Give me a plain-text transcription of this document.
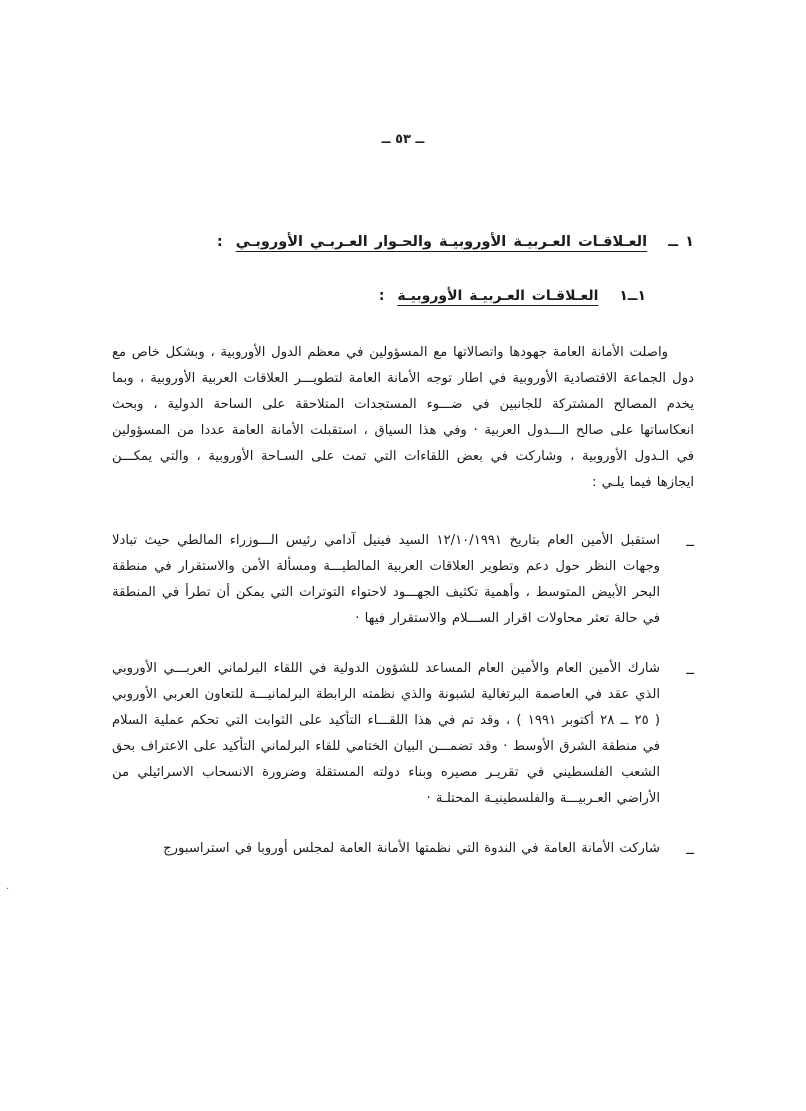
ــ ٥٣ ــ
١ ــ العـلاقـات العـربيـة الأوروبيـة والحـوار العـربـي الأوروبـي :
١ــ١ العـلاقـات العـربيـة الأوروبيـة :

واصلت الأمانة العامة جهودها واتصالاتها مع المسؤولين في معظم الدول الأوروبية ، وبشكل خاص مع دول الجماعة الاقتصادية الأوروبية في اطار توجه الأمانة العامة لتطويـــر العلاقات العربية الأوروبية ، وبما يخدم المصالح المشتركة للجانبين في ضـــوء المستجدات المتلاحقة على الساحة الدولية ، وبحث انعكاساتها على صالح الـــدول العربية · وفي هذا السياق ، استقبلت الأمانة العامة عددا من المسؤولين في الـدول الأوروبية ، وشاركت في بعض اللقاءات التي تمت على السـاحة الأوروبية ، والتي يمكـــن ايجازها فيما يلـي :

ــ

استقبل الأمين العام بتاريخ ١٢/١٠/١٩٩١ السيد فينيل آدامي رئيس الـــوزراء المالطي حيث تبادلا وجهات النظر حول دعم وتطوير العلاقات العربية المالطيـــة ومسألة الأمن والاستقرار في منطقة البحر الأبيض المتوسط ، وأهمية تكثيف الجهـــود لاحتواء التوترات التي يمكن أن تطرأ في المنطقة في حالة تعثر محاولات اقرار الســـلام والاستقرار فيها ·

ــ

شارك الأمين العام والأمين العام المساعد للشؤون الدولية في اللقاء البرلماني العربـــي الأوروبي الذي عقد في العاصمة البرتغالية لشبونة والذي نظمته الرابطة البرلمانيـــة للتعاون العربي الأوروبي ( ٢٥ ــ ٢٨ أكتوبر ١٩٩١ ) ، وقد تم في هذا اللقـــاء التأكيد على الثوابت التي تحكم عملية السلام في منطقة الشرق الأوسط · وقد تضمـــن البيان الختامي للقاء البرلماني التأكيد على الاعتراف بحق الشعب الفلسطيني في تقريـر مصيره وبناء دولته المستقلة وضرورة الانسحاب الاسرائيلي من الأراضي العـربيـــة والفلسطينيـة المحتلـة ·

ــ

شاركت الأمانة العامة في الندوة التي نظمتها الأمانة العامة لمجلس أوروبا في استراسبورج

·
